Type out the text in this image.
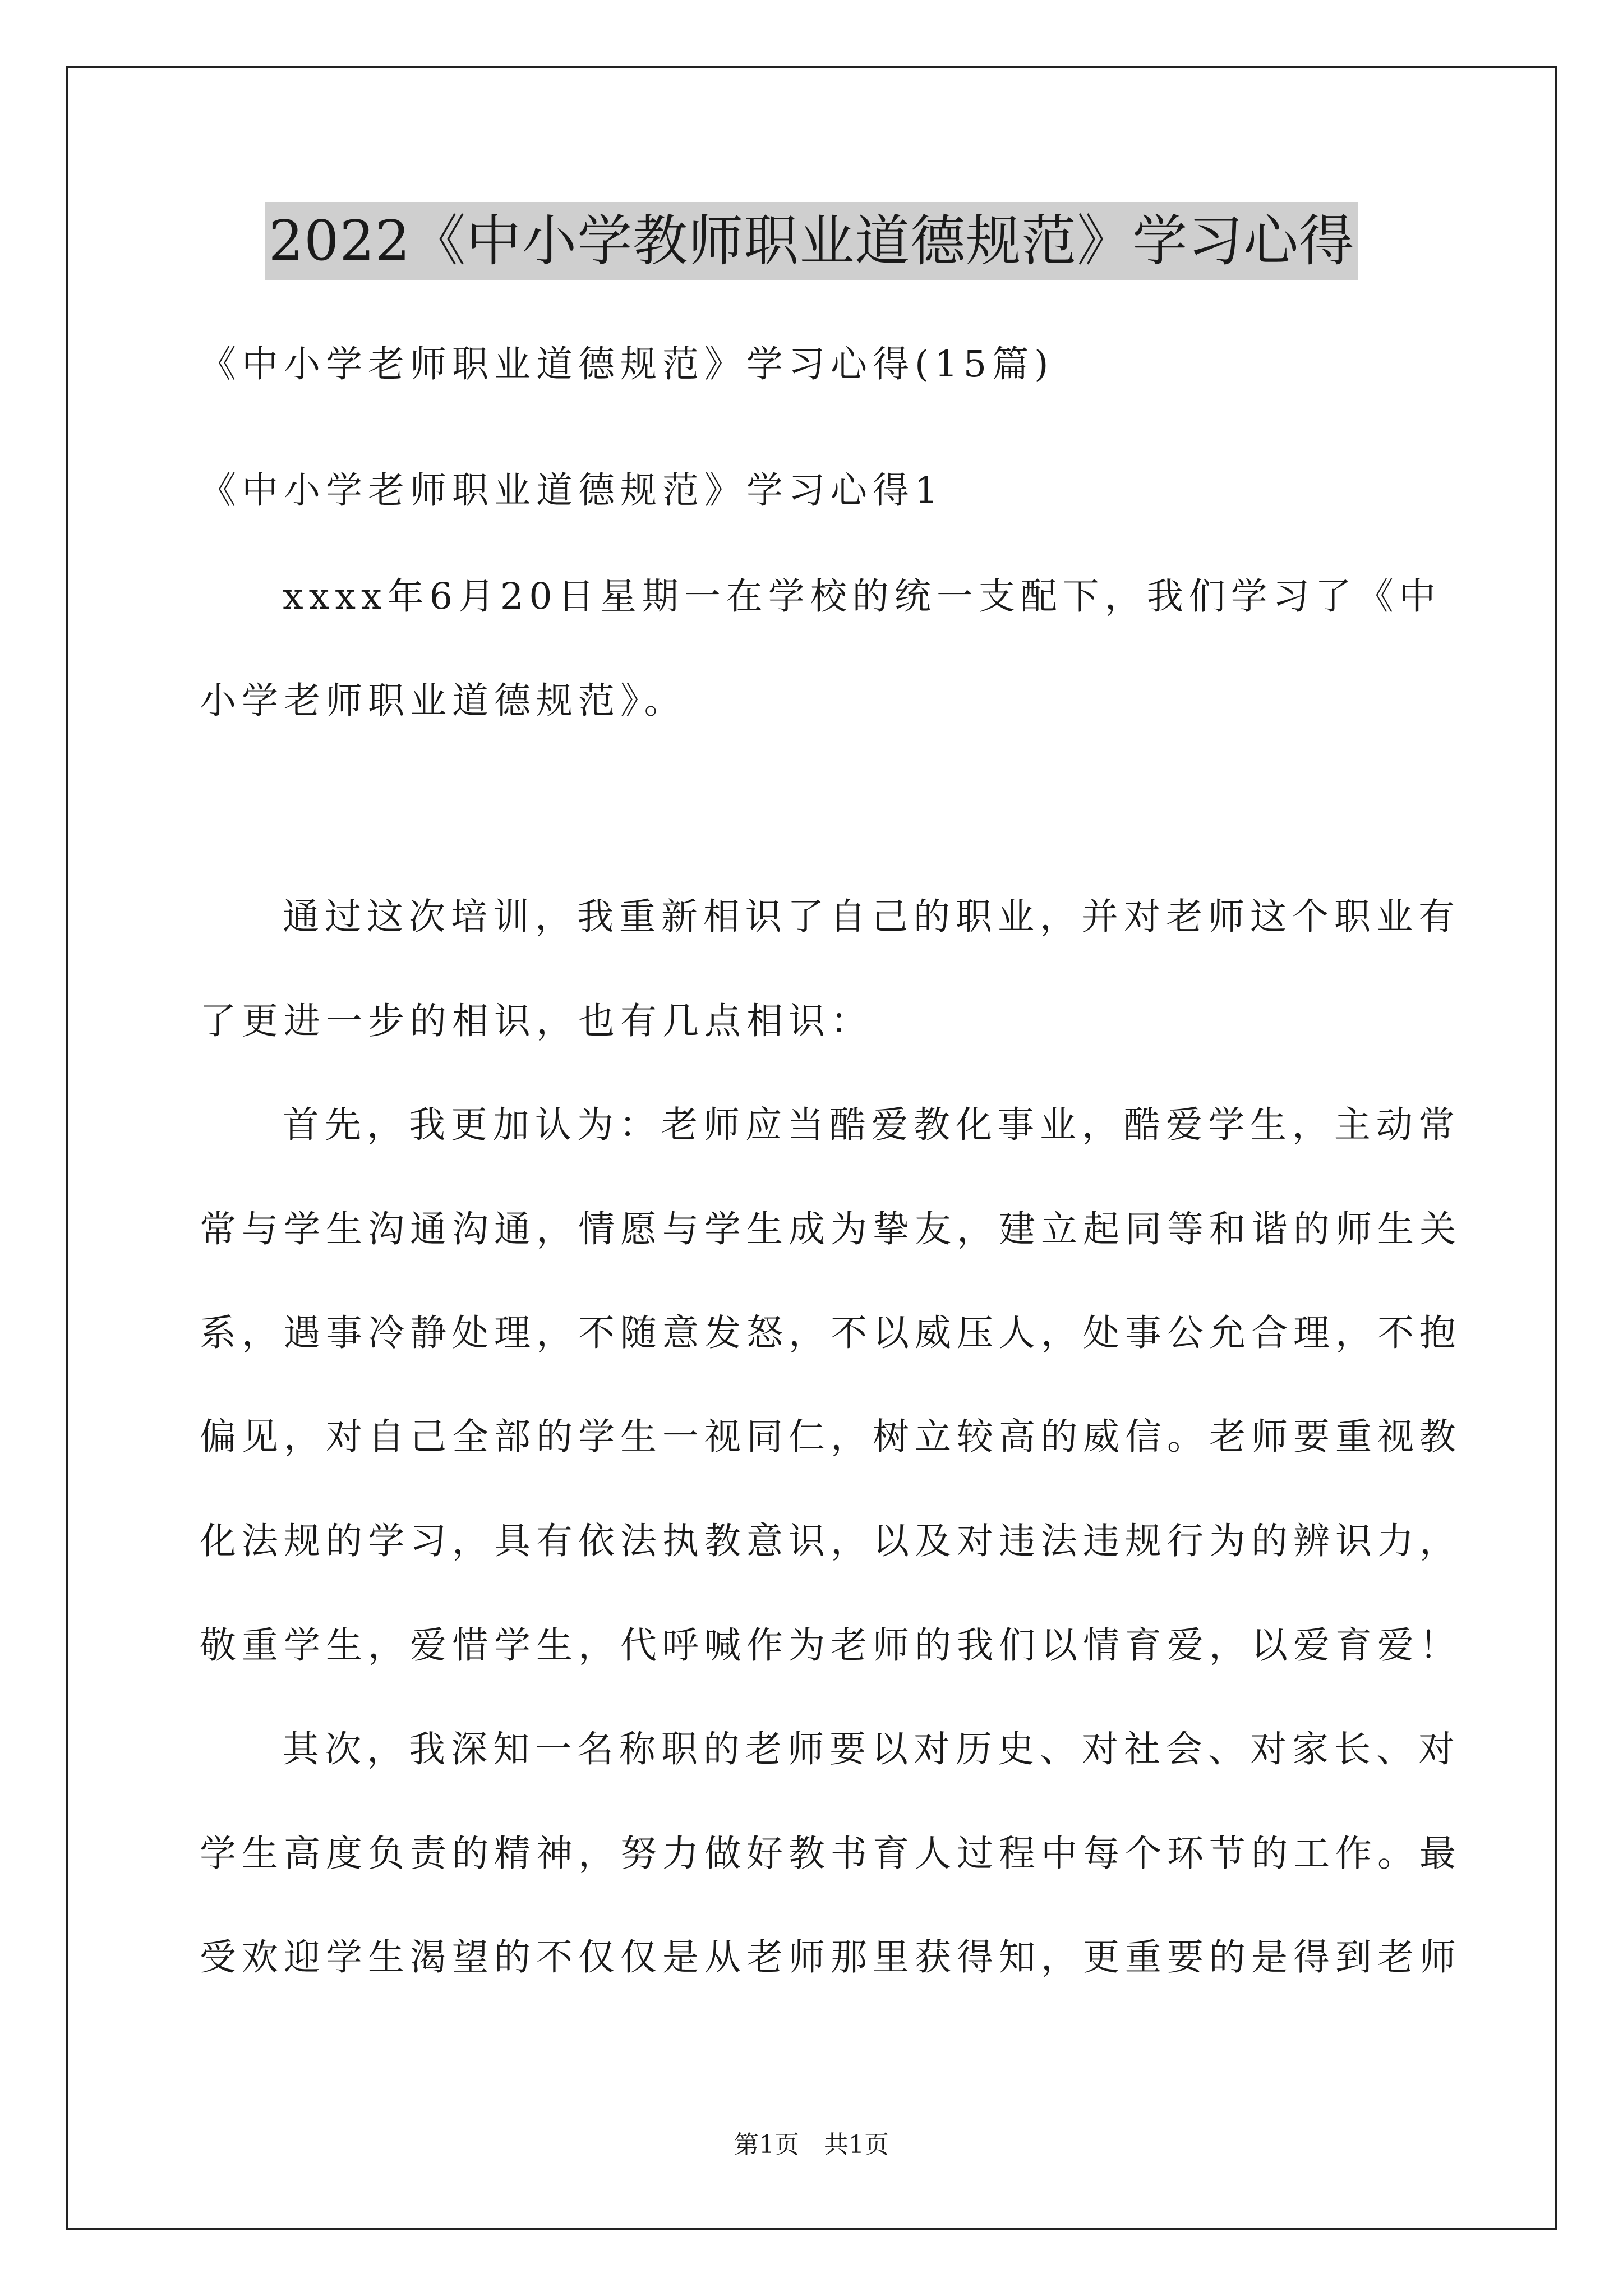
2022《中小学教师职业道德规范》学习心得
《中小学老师职业道德规范》学习心得(15篇)
《中小学老师职业道德规范》学习心得1
xxxx年6月20日星期一在学校的统一支配下，我们学习了《中
小学老师职业道德规范》。
通过这次培训，我重新相识了自己的职业，并对老师这个职业有
了更进一步的相识，也有几点相识：
首先，我更加认为：老师应当酷爱教化事业，酷爱学生，主动常
常与学生沟通沟通，情愿与学生成为挚友，建立起同等和谐的师生关
系，遇事冷静处理，不随意发怒，不以威压人，处事公允合理，不抱
偏见，对自己全部的学生一视同仁，树立较高的威信。老师要重视教
化法规的学习，具有依法执教意识，以及对违法违规行为的辨识力，
敬重学生，爱惜学生，代呼喊作为老师的我们以情育爱，以爱育爱！
其次，我深知一名称职的老师要以对历史、对社会、对家长、对
学生高度负责的精神，努力做好教书育人过程中每个环节的工作。最
受欢迎学生渴望的不仅仅是从老师那里获得知，更重要的是得到老师
第1页　共1页
